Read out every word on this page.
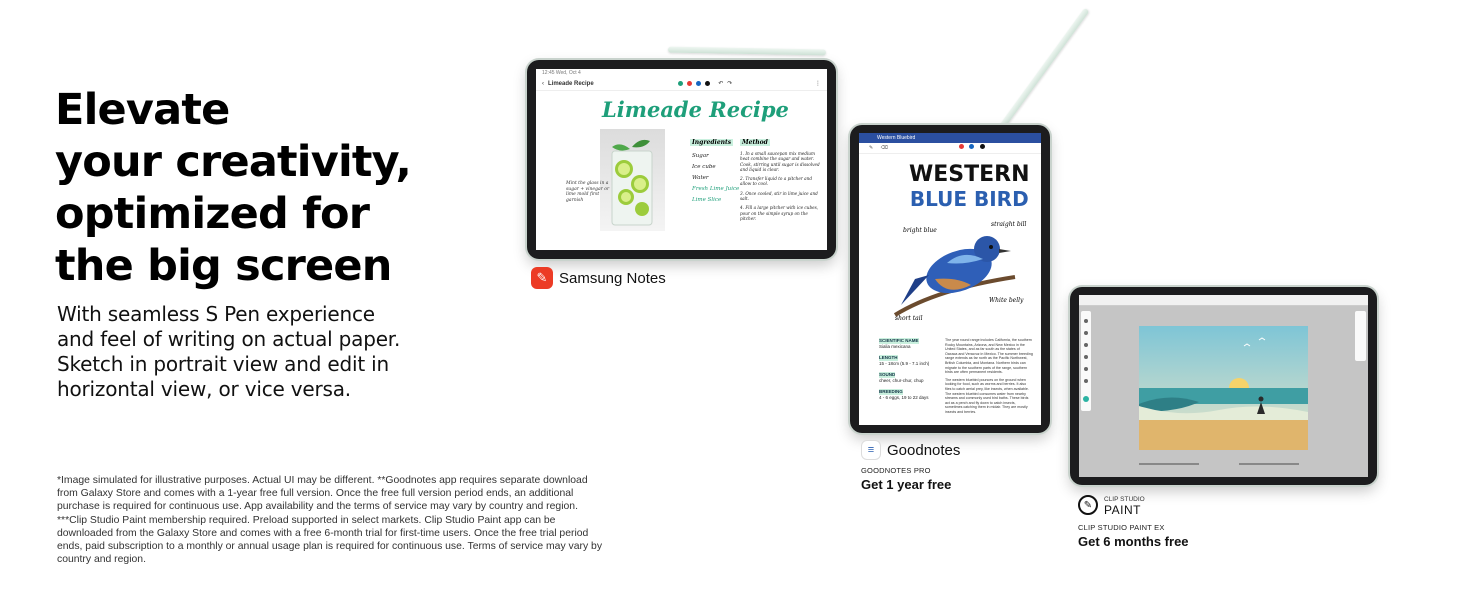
Elevate
your creativity,
optimized for
the big screen
With seamless S Pen experience and feel of writing on actual paper. Sketch in portrait view and edit in horizontal view, or vice versa.
*Image simulated for illustrative purposes. Actual UI may be different. **Goodnotes app requires separate download from Galaxy Store and comes with a 1-year free full version. Once the free full version period ends, an additional purchase is required for continuous use. App availability and the terms of service may vary by country and region. ***Clip Studio Paint membership required. Preload supported in select markets. Clip Studio Paint app can be downloaded from the Galaxy Store and comes with a free 6-month trial for first-time users. Once the free trial period ends, paid subscription to a monthly or annual usage plan is required for continuous use. Terms of service may vary by country and region.
12:45 Wed, Oct 4
‹ Limeade Recipe	↶ ↷	⋮
Limeade Recipe
Mint the glass in a sugar + vinegar or lime mold first garnish
Ingredients
Sugar
Ice cube
Water
Fresh Lime Juice
Lime Slice
Method
1. In a small saucepan mix medium heat combine the sugar and water. Cook, stirring until sugar is dissolved and liquid is clear.
2. Transfer liquid to a pitcher and allow to cool.
3. Once cooled, stir in lime juice and salt.
4. Fill a large pitcher with ice cubes, pour on the simple syrup on the pitcher.
✎ Samsung Notes
Western Bluebird
✎ ⌫
WESTERN
BLUE BIRD
bright blue
straight bill
White belly
short tail
SCIENTIFIC NAME
Sialia mexicana
LENGTH
15 - 18cm (5.9 - 7.1 inch)
SOUND
cheer, chur-chur, chup
BREEDING
4 - 6 eggs, 19 to 22 days
The year round range includes California, the southern Rocky Mountains, Arizona, and New Mexico in the United States, and as far south as the states of Oaxaca and Veracruz in Mexico. The summer breeding range extends as far north as the Pacific Northwest, British Columbia, and Montana. Northern birds can migrate to the southern parts of the range, southern birds are often permanent residents.
The western bluebird pounces on the ground when looking for food, such as worms and berries. It also flies to catch aerial prey, like insects, when available. The western bluebird consumes water from nearby streams and commonly used bird baths. These birds act as a perch and fly down to catch insects, sometimes catching them in midair. They are mostly insects and berries.
≡ Goodnotes
GOODNOTES PRO
Get 1 year free
✎	CLIP STUDIO
PAINT
CLIP STUDIO PAINT EX
Get 6 months free
